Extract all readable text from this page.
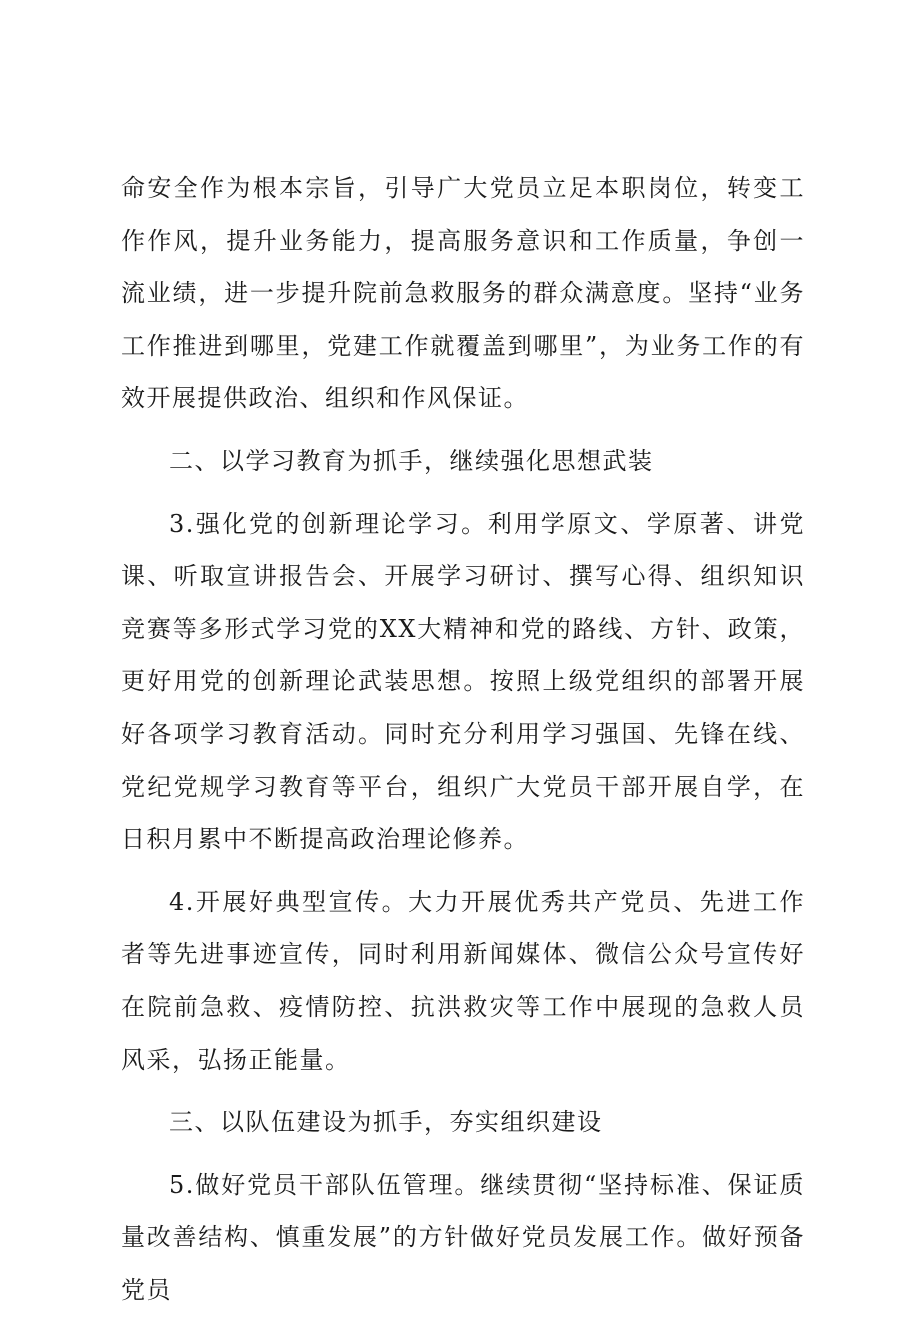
命安全作为根本宗旨，引导广大党员立足本职岗位，转变工作作风，提升业务能力，提高服务意识和工作质量，争创一流业绩，进一步提升院前急救服务的群众满意度。坚持“业务工作推进到哪里，党建工作就覆盖到哪里”，为业务工作的有效开展提供政治、组织和作风保证。

二、以学习教育为抓手，继续强化思想武装

3.强化党的创新理论学习。利用学原文、学原著、讲党课、听取宣讲报告会、开展学习研讨、撰写心得、组织知识竞赛等多形式学习党的XX大精神和党的路线、方针、政策，更好用党的创新理论武装思想。按照上级党组织的部署开展好各项学习教育活动。同时充分利用学习强国、先锋在线、党纪党规学习教育等平台，组织广大党员干部开展自学，在日积月累中不断提高政治理论修养。

4.开展好典型宣传。大力开展优秀共产党员、先进工作者等先进事迹宣传，同时利用新闻媒体、微信公众号宣传好在院前急救、疫情防控、抗洪救灾等工作中展现的急救人员风采，弘扬正能量。

三、以队伍建设为抓手，夯实组织建设

5.做好党员干部队伍管理。继续贯彻“坚持标准、保证质量改善结构、慎重发展”的方针做好党员发展工作。做好预备党员
